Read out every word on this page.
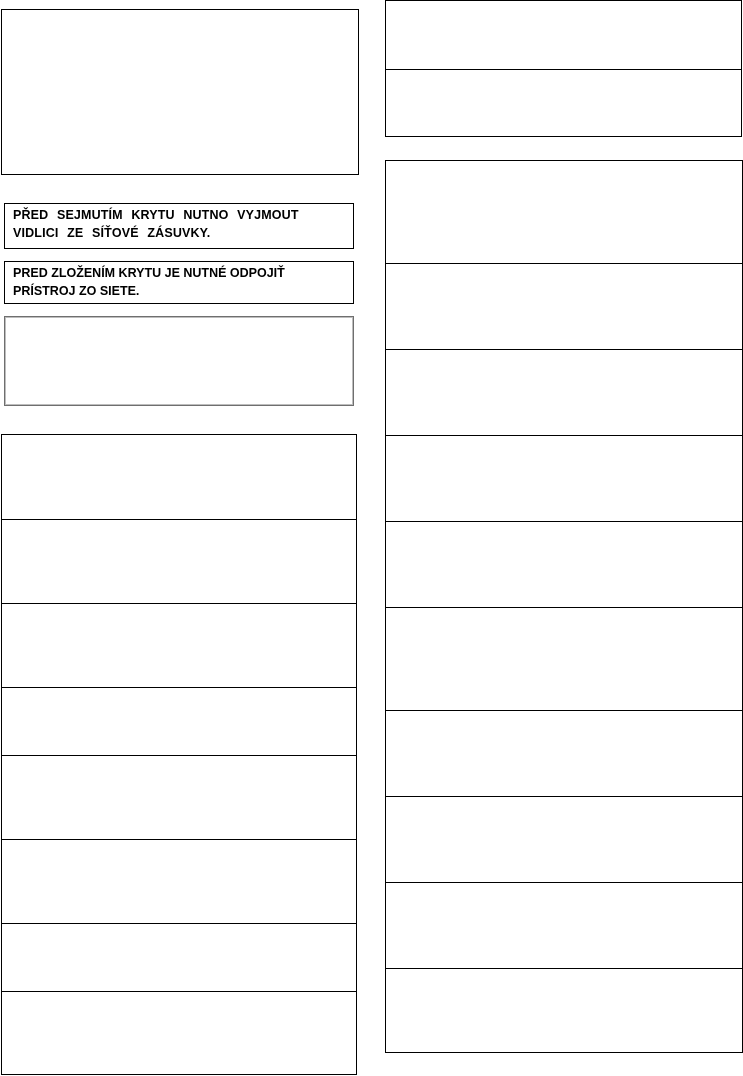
PŘED SEJMUTÍM KRYTU NUTNO VYJMOUT
VIDLICI ZE SÍŤOVÉ ZÁSUVKY.
PRED ZLOŽENÍM KRYTU JE NUTNÉ ODPOJIŤ
PRÍSTROJ ZO SIETE.
